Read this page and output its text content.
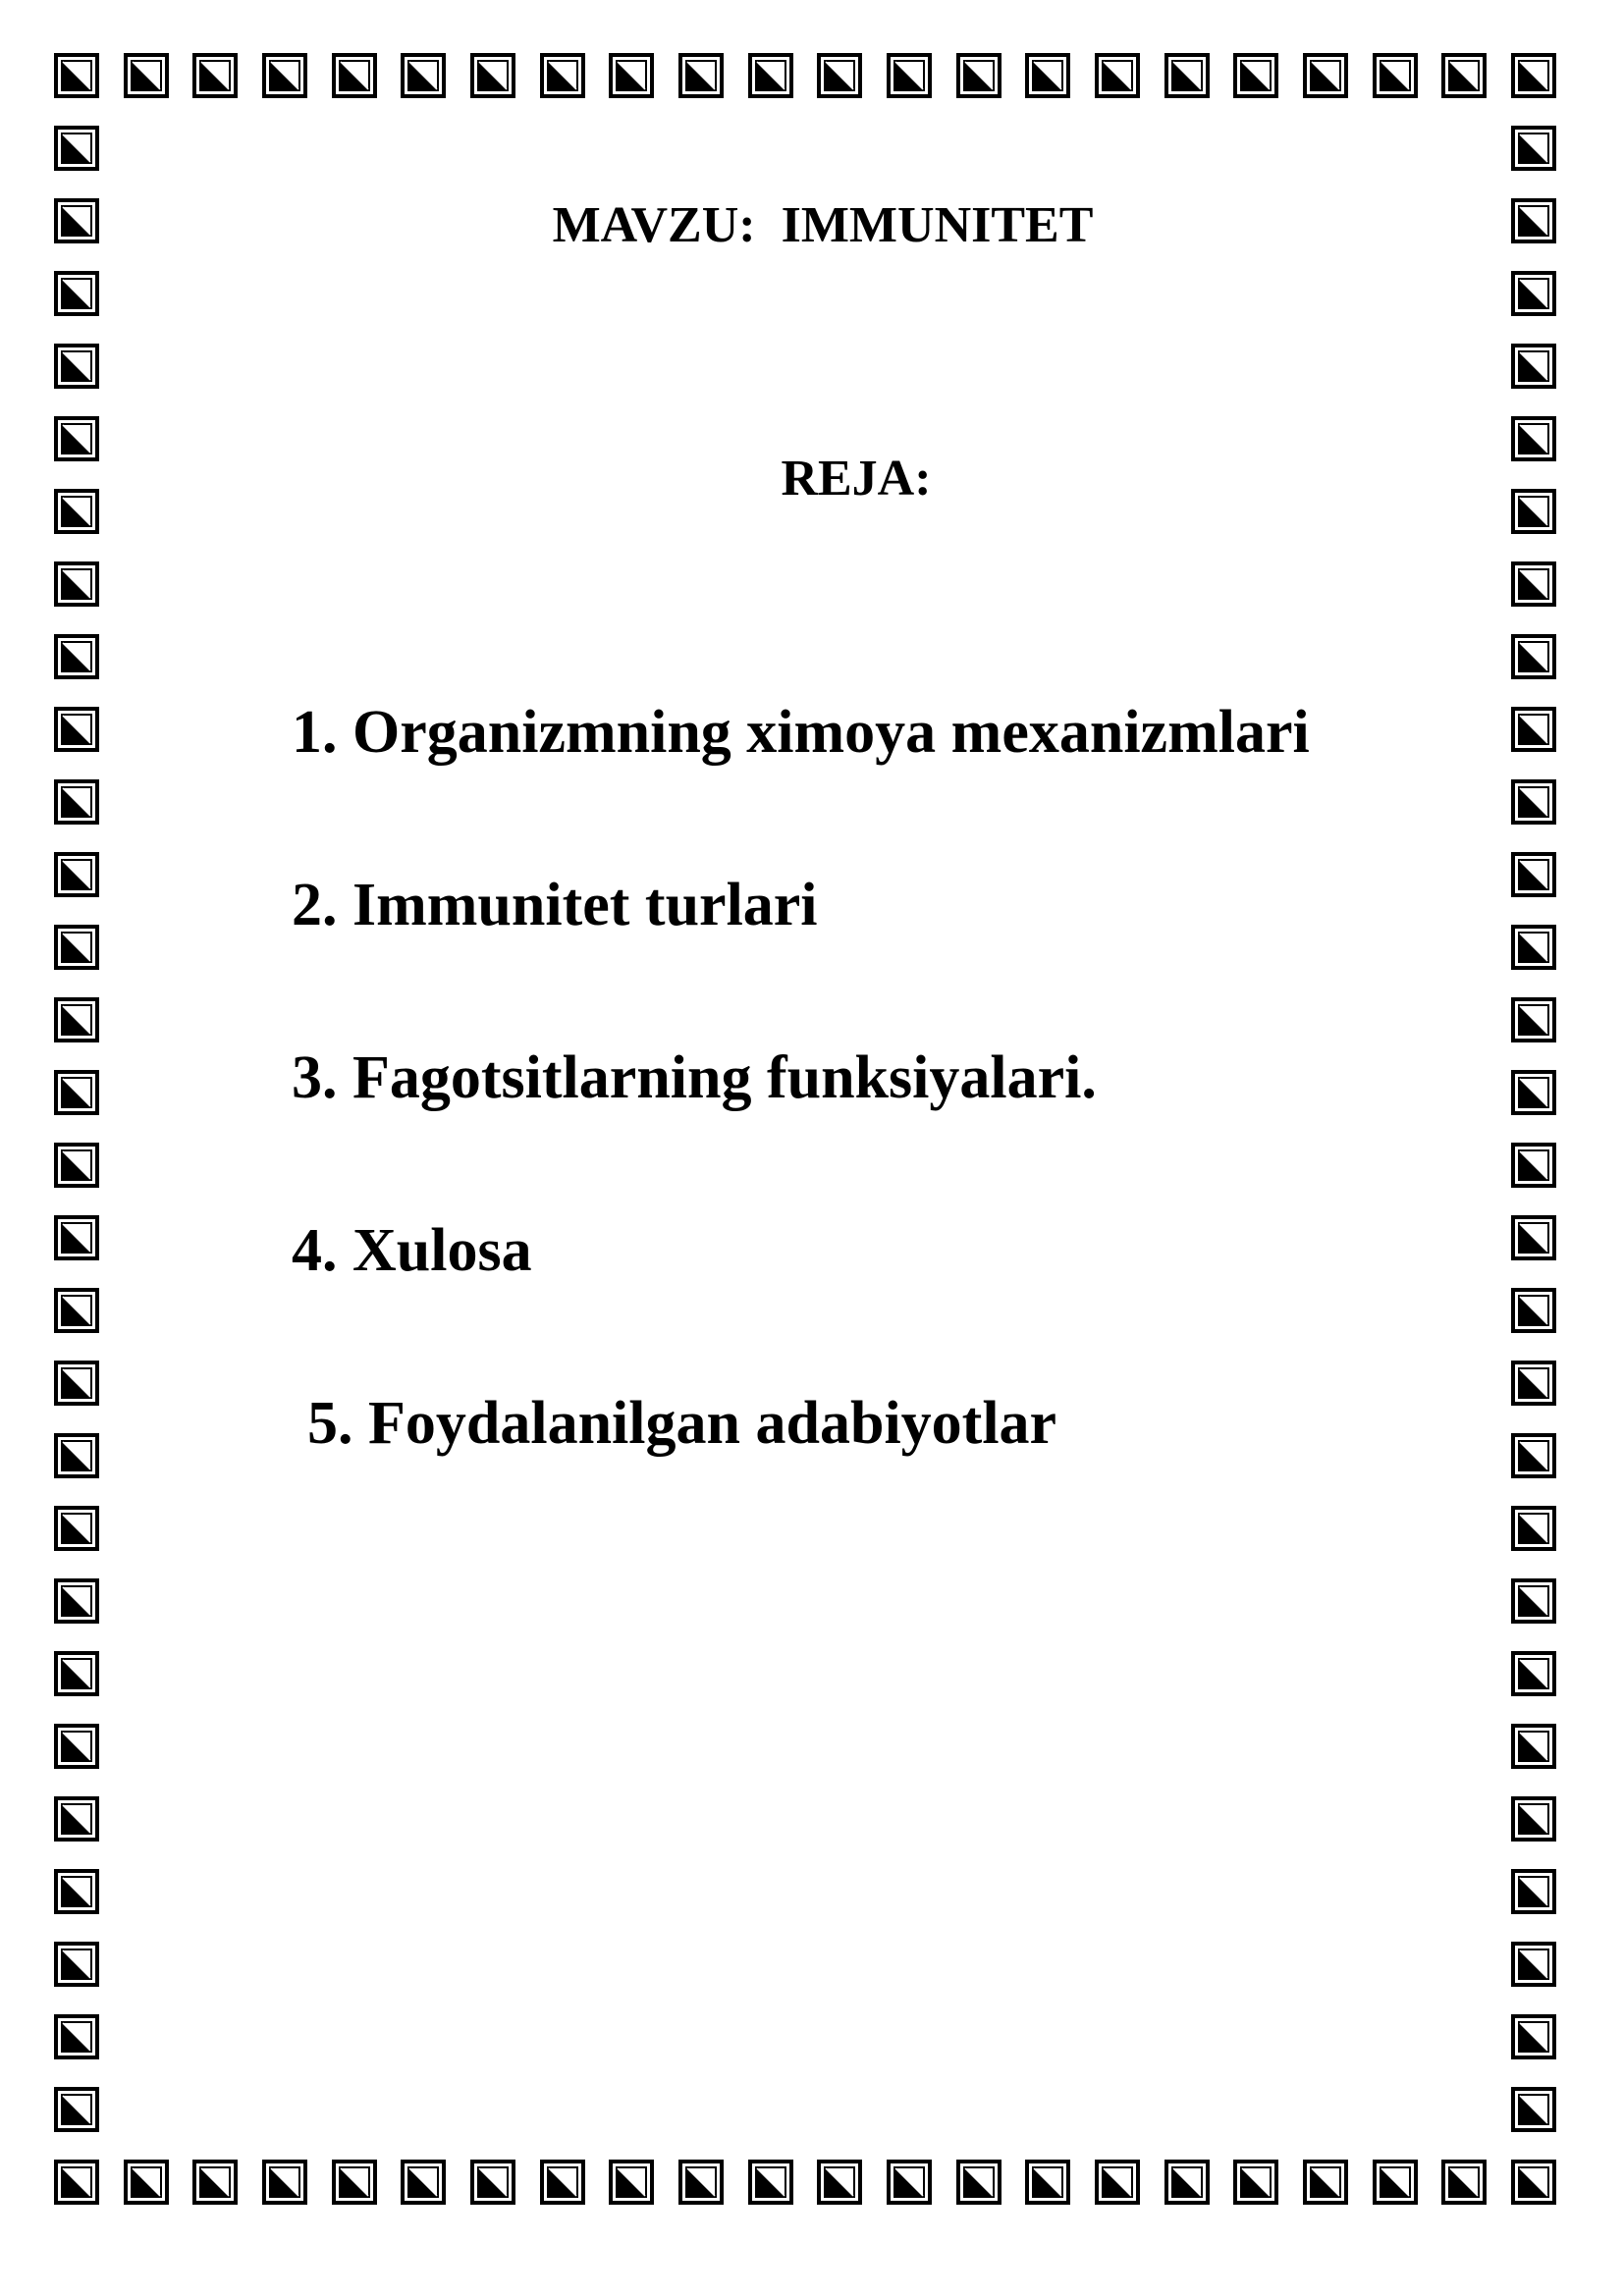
MAVZU:  IMMUNITET
REJA:
1. Organizmning ximoya mexanizmlari
2. Immunitet turlari
3. Fagotsitlarning funksiyalari.
4. Xulosa
5. Foydalanilgan adabiyotlar
